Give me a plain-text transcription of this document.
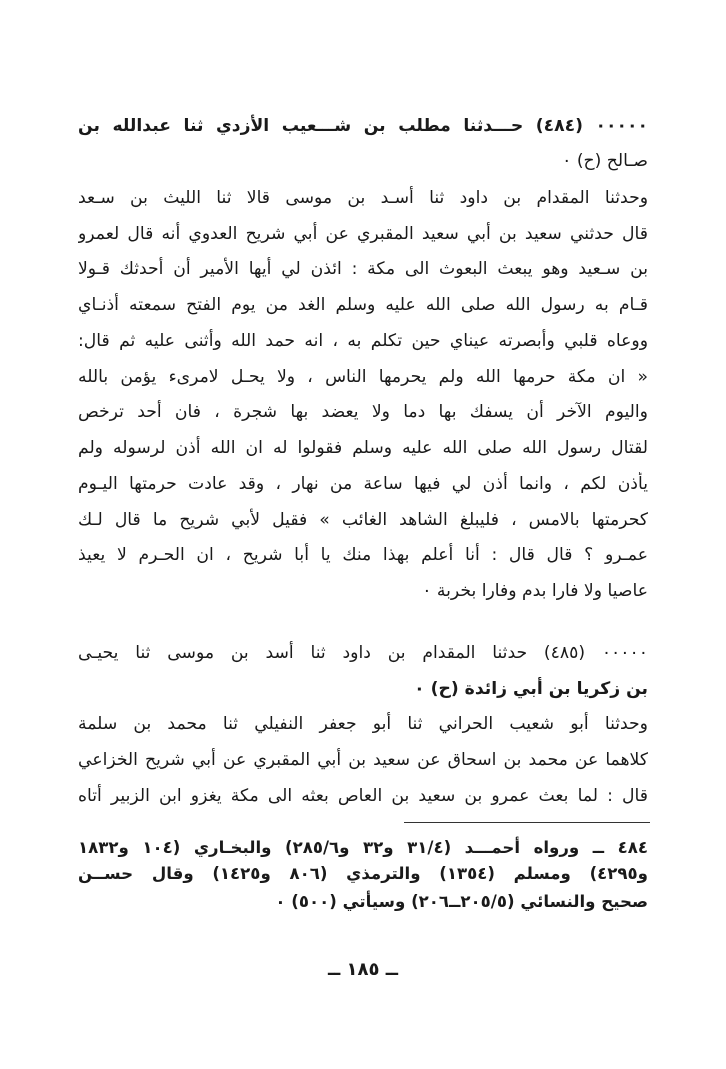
٠٠٠٠٠ (٤٨٤) حـــدثنا مطلب بن شـــعيب الأزدي ثنا عبدالله بن
صـالح (ح) ٠
وحدثنا المقدام بن داود ثنا أسـد بن موسى قالا ثنا الليث بن سـعد
قال حدثني سعيد بن أبي سعيد المقبري عن أبي شريح العدوي أنه قال لعمرو
بن سـعيد وهو يبعث البعوث الى مكة : ائذن لي أيها الأمير أن أحدثك قـولا
قـام به رسول الله صلى الله عليه وسلم الغد من يوم الفتح سمعته أذنـاي
ووعاه قلبي وأبصرته عيناي حين تكلم به ، انه حمد الله وأثنى عليه ثم قال:
« ان مكة حرمها الله ولم يحرمها الناس ، ولا يحـل لامرىء يؤمن بالله
واليوم الآخر أن يسفك بها دما ولا يعضد بها شجرة ، فان أحد ترخص
لقتال رسول الله صلى الله عليه وسلم فقولوا له ان الله أذن لرسوله ولم
يأذن لكم ، وانما أذن لي فيها ساعة من نهار ، وقد عادت حرمتها اليـوم
كحرمتها بالامس ، فليبلغ الشاهد الغائب » فقيل لأبي شريح ما قال لـك
عمـرو ؟ قال قال : أنا أعلم بهذا منك يا أبا شريح ، ان الحـرم لا يعيذ
عاصيا ولا فارا بدم وفارا بخربة ٠
٠٠٠٠٠ (٤٨٥) حدثنا المقدام بن داود ثنا أسد بن موسى ثنا يحيـى
بن زكريا بن أبي زائدة (ح) ٠
وحدثنا أبو شعيب الحراني ثنا أبو جعفر النفيلي ثنا محمد بن سلمة
كلاهما عن محمد بن اسحاق عن سعيد بن أبي المقبري عن أبي شريح الخزاعي
قال : لما بعث عمرو بن سعيد بن العاص بعثه الى مكة يغزو ابن الزبير أتاه
٤٨٤ ــ ورواه أحمـــد (٣١/٤ و٣٢ و٢٨٥/٦) والبخـاري (١٠٤ و١٨٣٢
و٤٢٩٥) ومسلم (١٣٥٤) والترمذي (٨٠٦ و١٤٢٥) وقال حســن
صحيح والنسائي (٢٠٥/٥ــ٢٠٦) وسيأتي (٥٠٠) ٠
ــ ١٨٥ ــ
